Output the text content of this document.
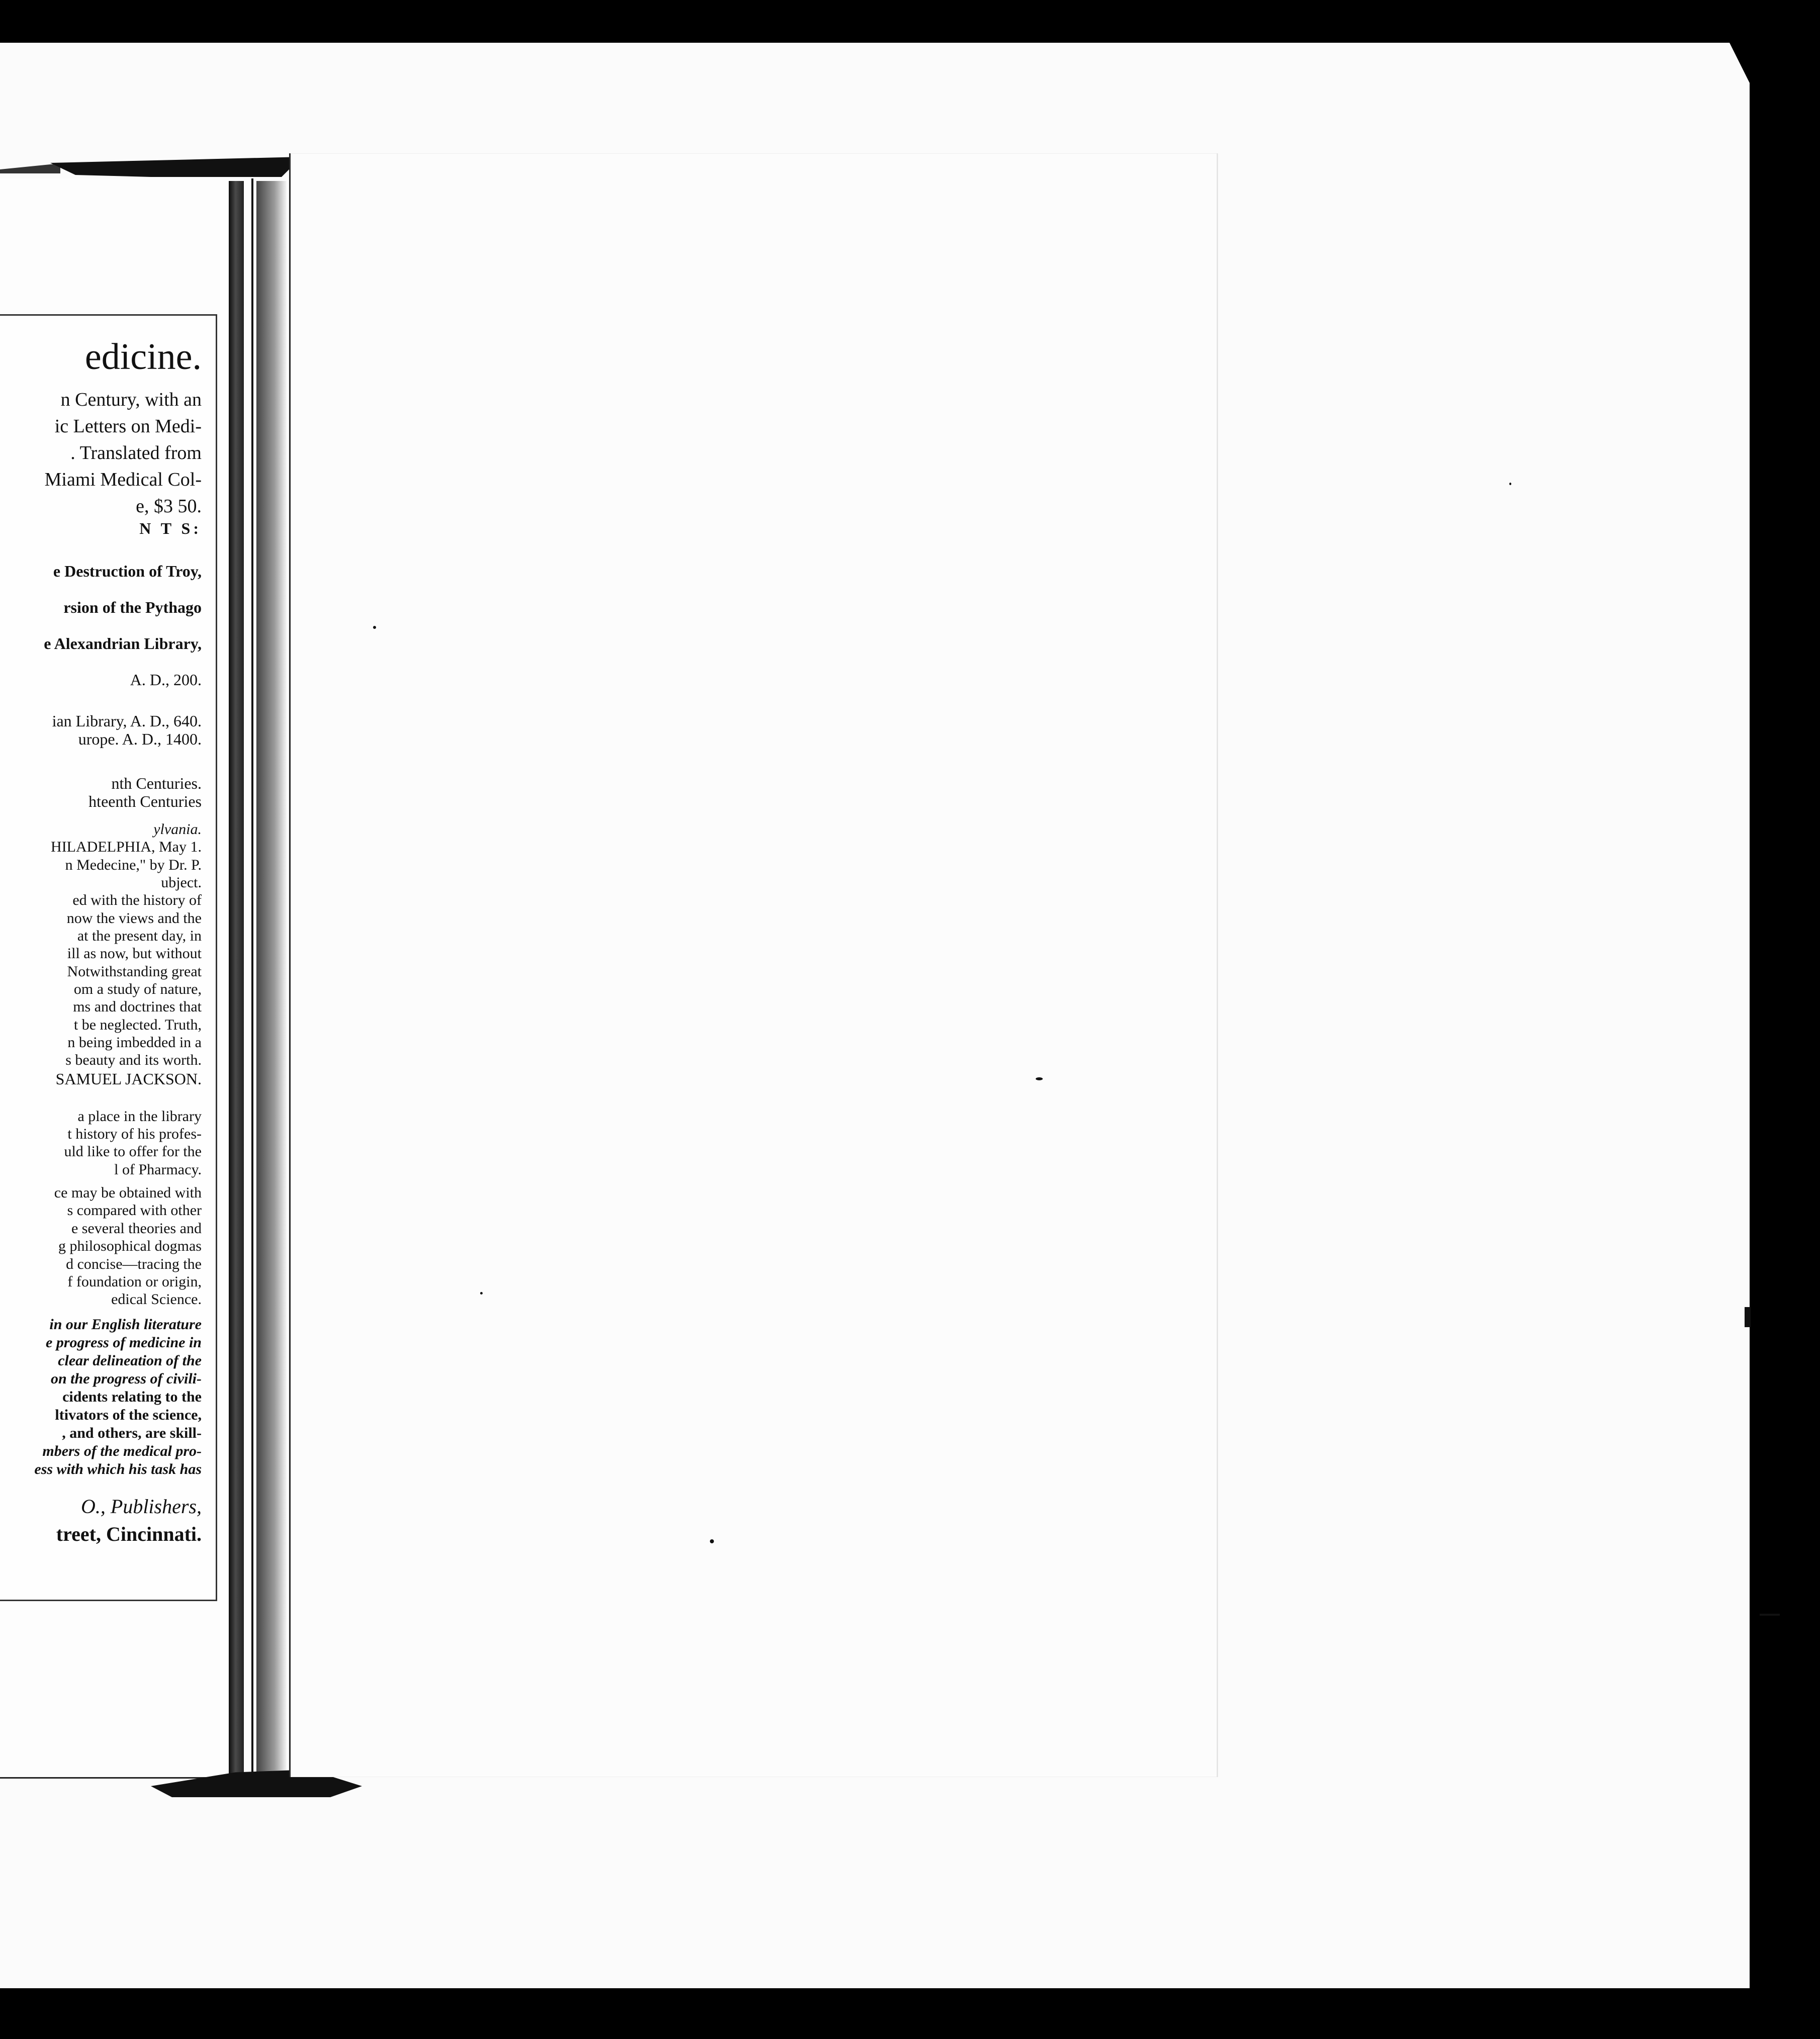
edicine.
n Century, with an
ic Letters on Medi-
. Translated from
Miami Medical Col-
e, $3 50.
N T S:
e Destruction of Troy,
rsion of the Pythago
e Alexandrian Library,
A. D., 200.
ian Library, A. D., 640.
urope. A. D., 1400.
nth Centuries.
hteenth Centuries
ylvania.
HILADELPHIA, May 1.
n Medecine," by Dr. P.
ubject.
ed with the history of
now the views and the
at the present day, in
ill as now, but without
Notwithstanding great
om a study of nature,
ms and doctrines that
t be neglected. Truth,
n being imbedded in a
s beauty and its worth.
SAMUEL JACKSON.
a place in the library
t history of his profes-
uld like to offer for the
l of Pharmacy.
ce may be obtained with
s compared with other
e several theories and
g philosophical dogmas
d concise—tracing the
f foundation or origin,
edical Science.
in our English literature
e progress of medicine in
clear delineation of the
on the progress of civili-
cidents relating to the
ltivators of the science,
, and others, are skill-
mbers of the medical pro-
ess with which his task has
O., Publishers,
treet, Cincinnati.
